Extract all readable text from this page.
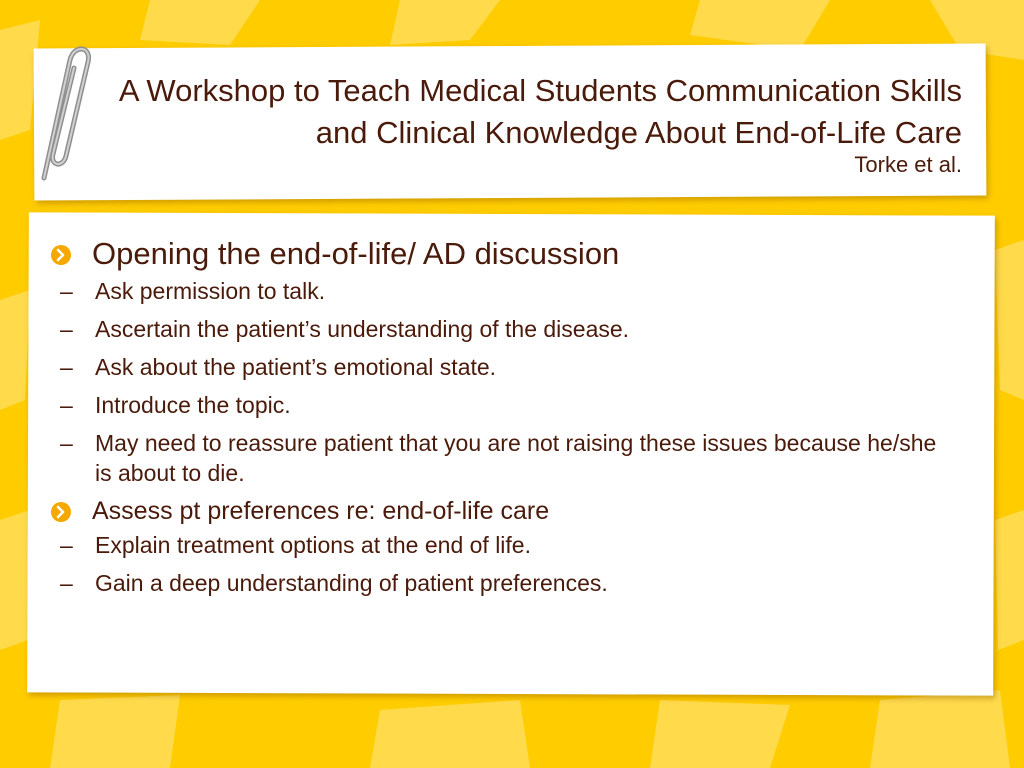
A Workshop to Teach Medical Students Communication Skills and Clinical Knowledge About End-of-Life Care
Torke et al.
Opening the end-of-life/ AD discussion
– Ask permission to talk.
– Ascertain the patient’s understanding of the disease.
– Ask about the patient’s emotional state.
– Introduce the topic.
– May need to reassure patient that you are not raising these issues because he/she is about to die.
Assess pt preferences re: end-of-life care
– Explain treatment options at the end of life.
– Gain a deep understanding of patient preferences.
